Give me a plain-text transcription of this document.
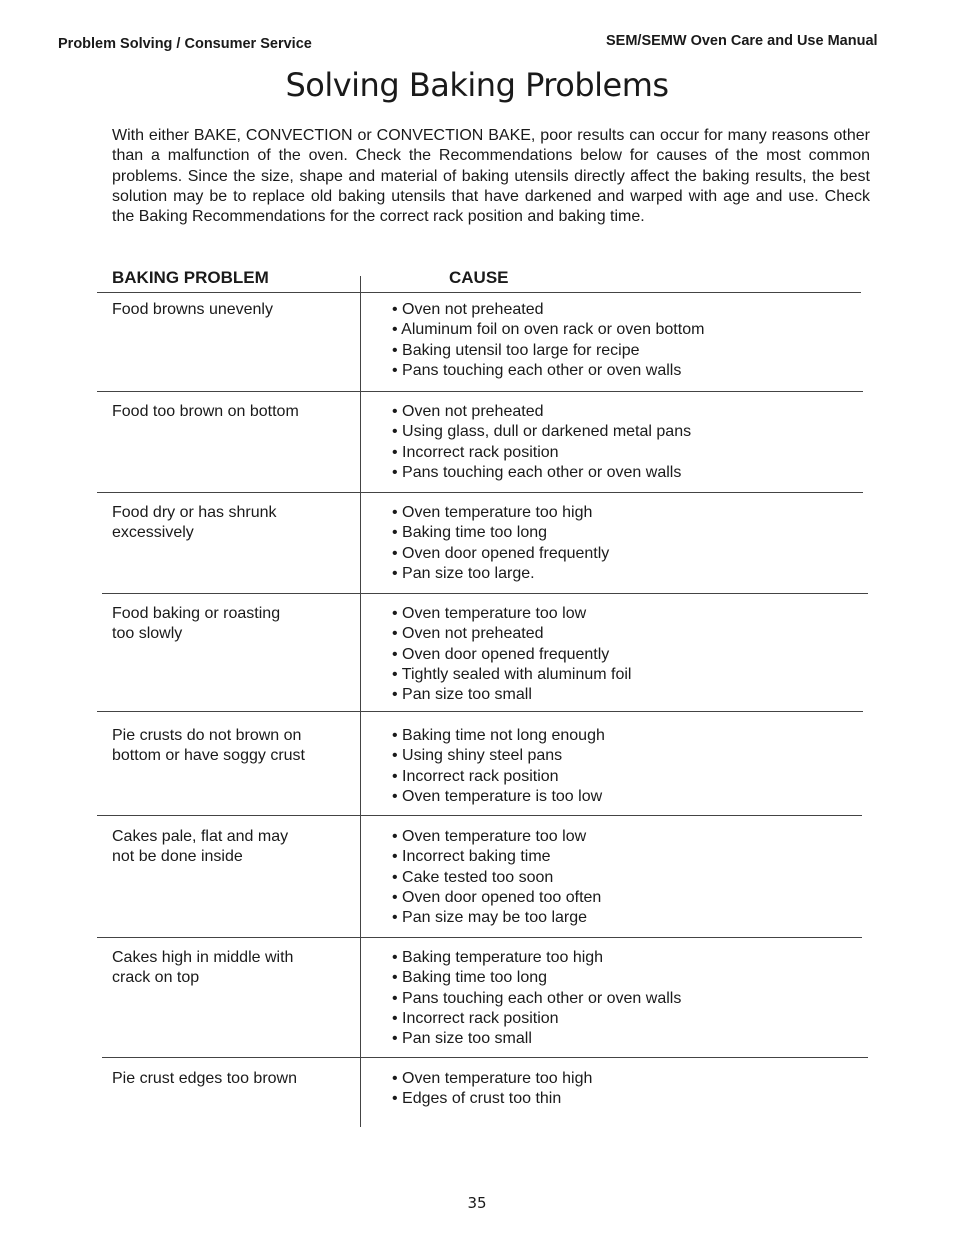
Problem Solving / Consumer Service	SEM/SEMW Oven Care and Use Manual
Solving Baking Problems

With either BAKE, CONVECTION or CONVECTION BAKE, poor results can occur for many reasons other than a malfunction of the oven. Check the Recommendations below for causes of the most common problems. Since the size, shape and material of baking utensils directly affect the baking results, the best solution may be to replace old baking utensils that have darkened and warped with age and use. Check the Baking Recommendations for the correct rack position and baking time.

BAKING PROBLEM	CAUSE
Food browns unevenly	• Oven not preheated
• Aluminum foil on oven rack or oven bottom
• Baking utensil too large for recipe
• Pans touching each other or oven walls
Food too brown on bottom	• Oven not preheated
• Using glass, dull or darkened metal pans
• Incorrect rack position
• Pans touching each other or oven walls
Food dry or has shrunk
excessively
• Oven temperature too high
• Baking time too long
• Oven door opened frequently
• Pan size too large.
Food baking or roasting
too slowly
• Oven temperature too low
• Oven not preheated
• Oven door opened frequently
• Tightly sealed with aluminum foil
• Pan size too small
Pie crusts do not brown on
bottom or have soggy crust
• Baking time not long enough
• Using shiny steel pans
• Incorrect rack position
• Oven temperature is too low
Cakes pale, flat and may
not be done inside
• Oven temperature too low
• Incorrect baking time
• Cake tested too soon
• Oven door opened too often
• Pan size may be too large
Cakes high in middle with
crack on top
• Baking temperature too high
• Baking time too long
• Pans touching each other or oven walls
• Incorrect rack position
• Pan size too small
Pie crust edges too brown	• Oven temperature too high
• Edges of crust too thin
35
